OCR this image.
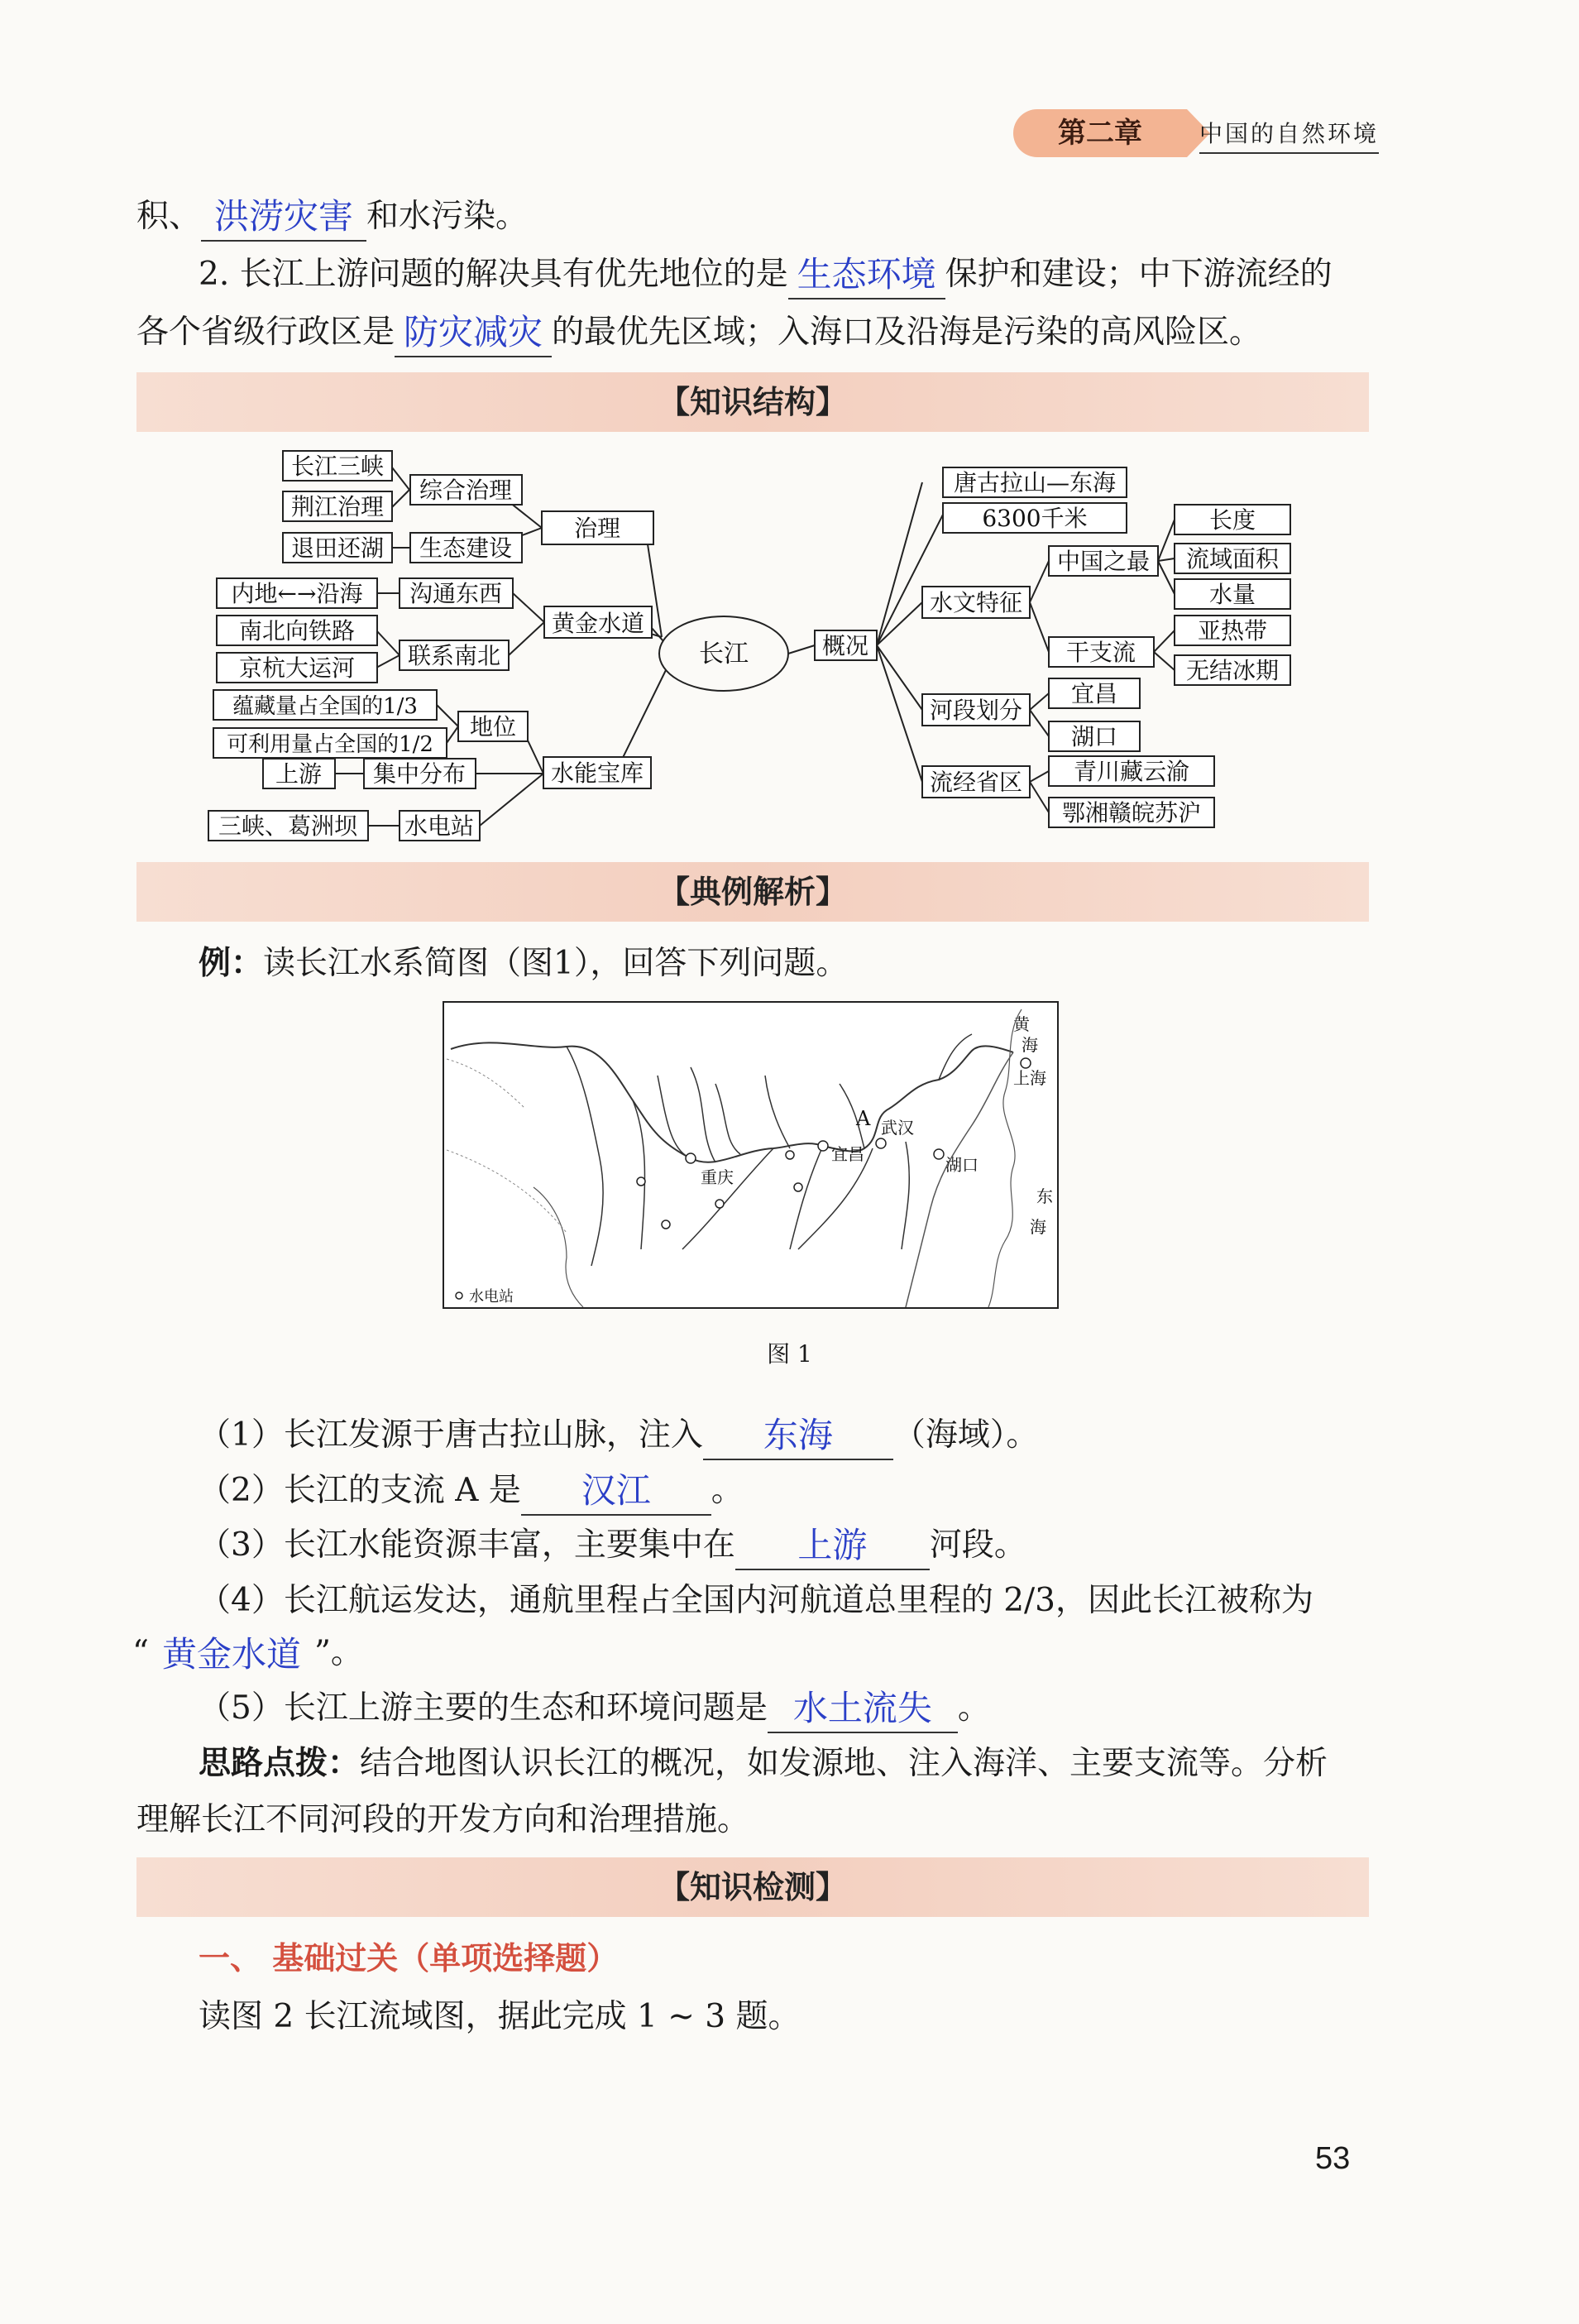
第二章	中国的自然环境
积、 洪涝灾害 和水污染。
2. 长江上游问题的解决具有优先地位的是 生态环境 保护和建设；中下游流经的
各个省级行政区是 防灾减灾 的最优先区域；入海口及沿海是污染的高风险区。
【知识结构】
长江
长江三峡
荆江治理
退田还湖
综合治理
生态建设
治理
内地←→沿海
南北向铁路
京杭大运河
沟通东西
联系南北
黄金水道
蕴藏量占全国的1/3
可利用量占全国的1/2
上游 集中分布
地位
三峡、葛洲坝 水电站
水能宝库
概况
唐古拉山—东海
6300千米
水文特征
中国之最
长度
流域面积
水量
干支流
亚热带
无结冰期
河段划分
宜昌
湖口
流经省区 青川藏云渝
鄂湘赣皖苏沪
【典例解析】
例：读长江水系简图（图1），回答下列问题。
黄
海
上海
A 武汉
宜昌
重庆
湖口
东
海
水电站
图 1
（1）长江发源于唐古拉山脉，注入	东海	（海域）。
（2）长江的支流 A 是	汉江	。
（3）长江水能资源丰富，主要集中在	上游	河段。
（4）长江航运发达，通航里程占全国内河航道总里程的 2/3，因此长江被称为
“ 黄金水道 ”。
（5）长江上游主要的生态和环境问题是 水土流失 。
思路点拨：结合地图认识长江的概况，如发源地、注入海洋、主要支流等。分析
理解长江不同河段的开发方向和治理措施。
【知识检测】
一、 基础过关（单项选择题）
读图 2 长江流域图，据此完成 1 ~ 3 题。
53
